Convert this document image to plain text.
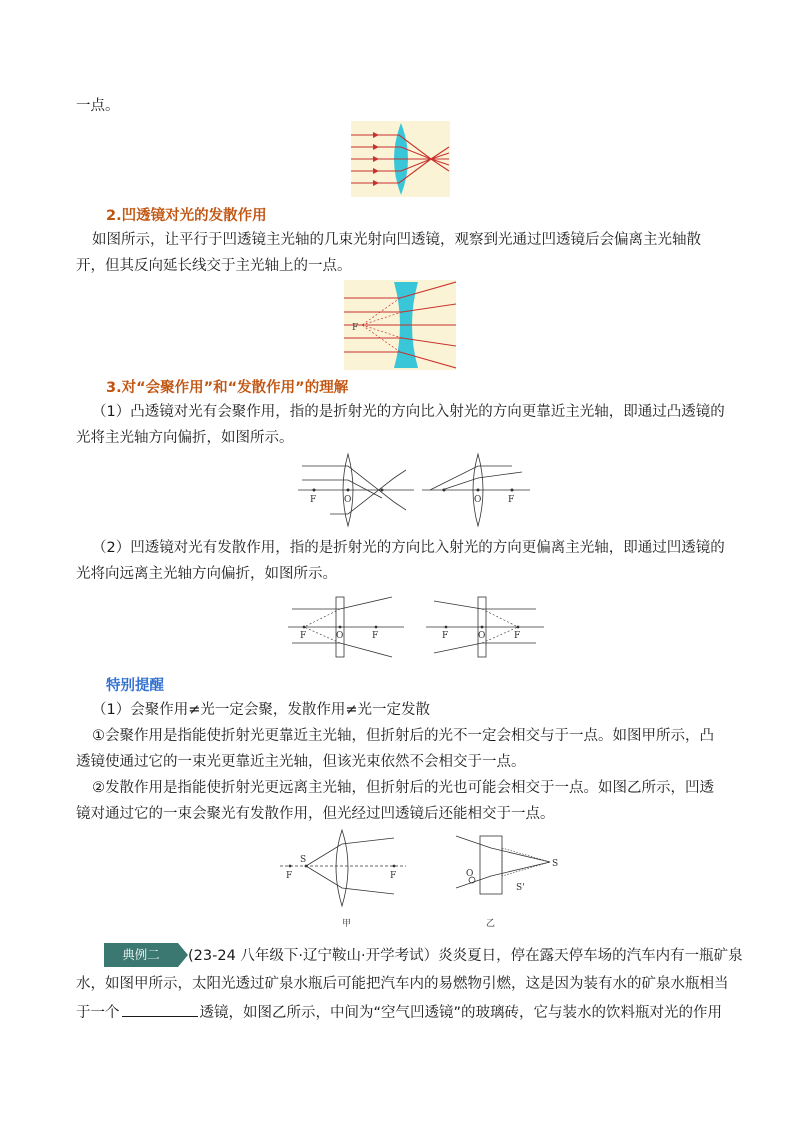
一点。
2.凹透镜对光的发散作用
如图所示，让平行于凹透镜主光轴的几束光射向凹透镜，观察到光通过凹透镜后会偏离主光轴散
开，但其反向延长线交于主光轴上的一点。
F
3.对“会聚作用”和“发散作用”的理解
（1）凸透镜对光有会聚作用，指的是折射光的方向比入射光的方向更靠近主光轴，即通过凸透镜的
光将主光轴方向偏折，如图所示。
F	O	O	F
（2）凹透镜对光有发散作用，指的是折射光的方向比入射光的方向更偏离主光轴，即通过凹透镜的
光将向远离主光轴方向偏折，如图所示。
F	O	F	F	O	F
特别提醒
（1）会聚作用≠光一定会聚，发散作用≠光一定发散
①会聚作用是指能使折射光更靠近主光轴，但折射后的光不一定会相交与于一点。如图甲所示，凸
透镜使通过它的一束光更靠近主光轴，但该光束依然不会相交于一点。
②发散作用是指能使折射光更远离主光轴，但折射后的光也可能会相交于一点。如图乙所示，凹透
镜对通过它的一束会聚光有发散作用，但光经过凹透镜后还能相交于一点。
S
F	F
S'
S
O
甲	乙
典例二	(23-24 八年级下·辽宁鞍山·开学考试）炎炎夏日，停在露天停车场的汽车内有一瓶矿泉
水，如图甲所示，太阳光透过矿泉水瓶后可能把汽车内的易燃物引燃，这是因为装有水的矿泉水瓶相当
于一个	透镜，如图乙所示，中间为“空气凹透镜”的玻璃砖，它与装水的饮料瓶对光的作用
